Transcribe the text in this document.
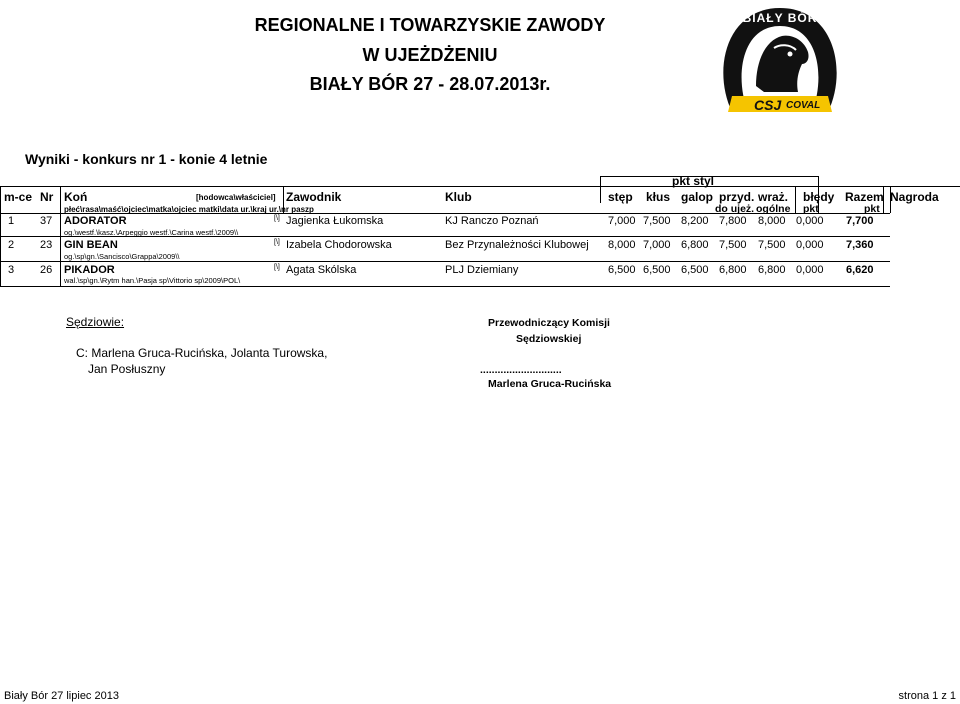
REGIONALNE I TOWARZYSKIE ZAWODY
W UJEŻDŻENIU
BIAŁY BÓR 27 - 28.07.2013r.
CSJ COVAL
BIAŁY BÓR
Wyniki - konkurs nr 1 - konie 4 letnie
pkt styl
m-ce Nr Koń	[hodowca\właściciel] Zawodnik	Klub	stęp kłus galop przyd. wraż. błędy Razem Nagroda
płeć\rasa\maść\ojciec\matka\ojciec matki\data ur.\kraj ur.\nr paszp	do ujeż. ogólne pkt	pkt
1 37 ADORATOR	[\] Jagienka Łukomska	KJ Ranczo Poznań	7,000 7,500 8,200 7,800 8,000 0,000 7,700
og.\westf.\kasz.\Arpeggio westf.\Carina westf.\2009\\
2 23 GIN BEAN	[\] Izabela Chodorowska	Bez Przynależności Klubowej 8,000 7,000 6,800 7,500 7,500 0,000 7,360
og.\sp\gn.\Sancisco\Grappa\2009\\
3 26 PIKADOR	[\] Agata Skólska	PLJ Dziemiany	6,500 6,500 6,500 6,800 6,800 0,000 6,620
wal.\sp\gn.\Rytm han.\Pasja sp\Vittorio sp\2009\POL\
Sędziowie:
C: Marlena Gruca-Rucińska, Jolanta Turowska,
Jan Posłuszny
Przewodniczący Komisji
Sędziowskiej
............................
Marlena Gruca-Rucińska
Biały Bór 27 lipiec 2013	strona 1 z 1
